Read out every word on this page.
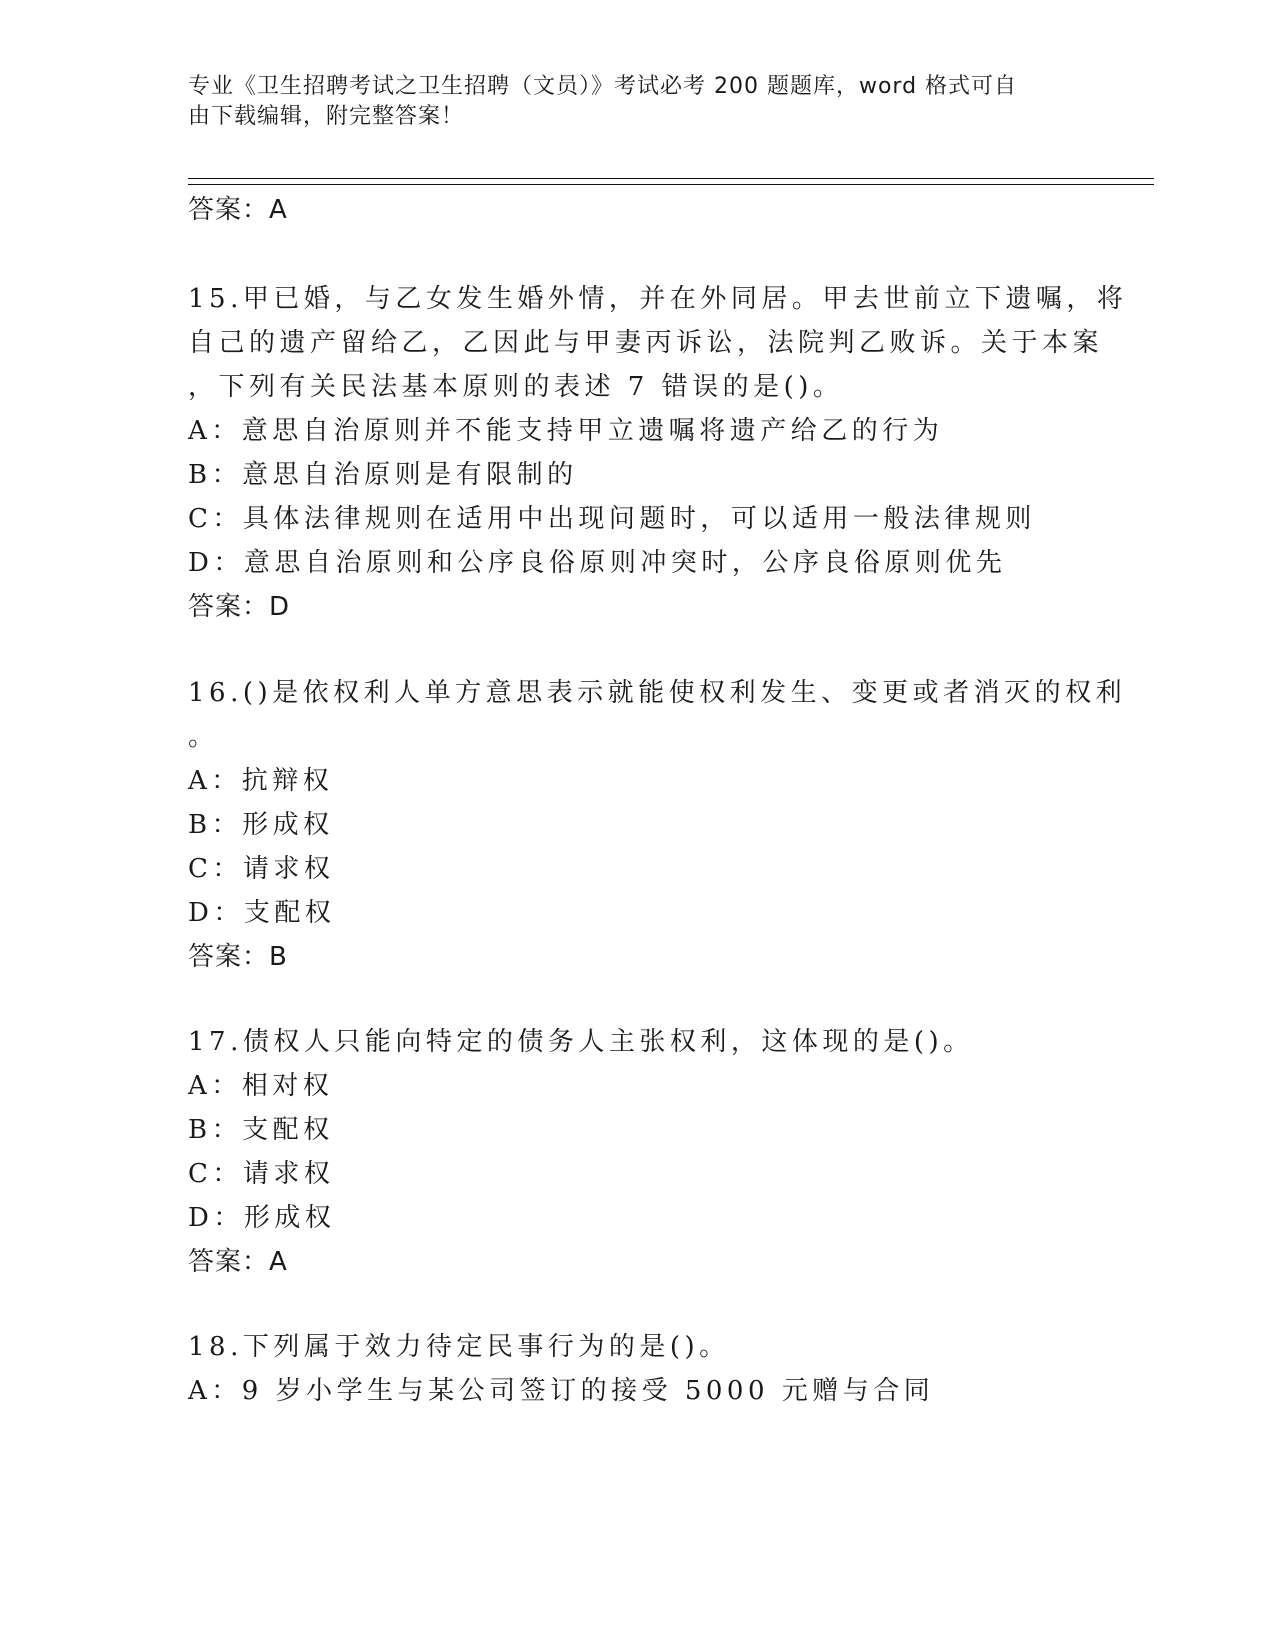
专业《卫生招聘考试之卫生招聘（文员）》考试必考 200 题题库，word 格式可自
由下载编辑，附完整答案！
答案：A
15.甲已婚，与乙女发生婚外情，并在外同居。甲去世前立下遗嘱，将
自己的遗产留给乙，乙因此与甲妻丙诉讼，法院判乙败诉。关于本案
，下列有关民法基本原则的表述 7 错误的是()。
A：意思自治原则并不能支持甲立遗嘱将遗产给乙的行为
B：意思自治原则是有限制的
C：具体法律规则在适用中出现问题时，可以适用一般法律规则
D：意思自治原则和公序良俗原则冲突时，公序良俗原则优先
答案：D
16.()是依权利人单方意思表示就能使权利发生、变更或者消灭的权利
。
A：抗辩权
B：形成权
C：请求权
D：支配权
答案：B
17.债权人只能向特定的债务人主张权利，这体现的是()。
A：相对权
B：支配权
C：请求权
D：形成权
答案：A
18.下列属于效力待定民事行为的是()。
A：9 岁小学生与某公司签订的接受 5000 元赠与合同
